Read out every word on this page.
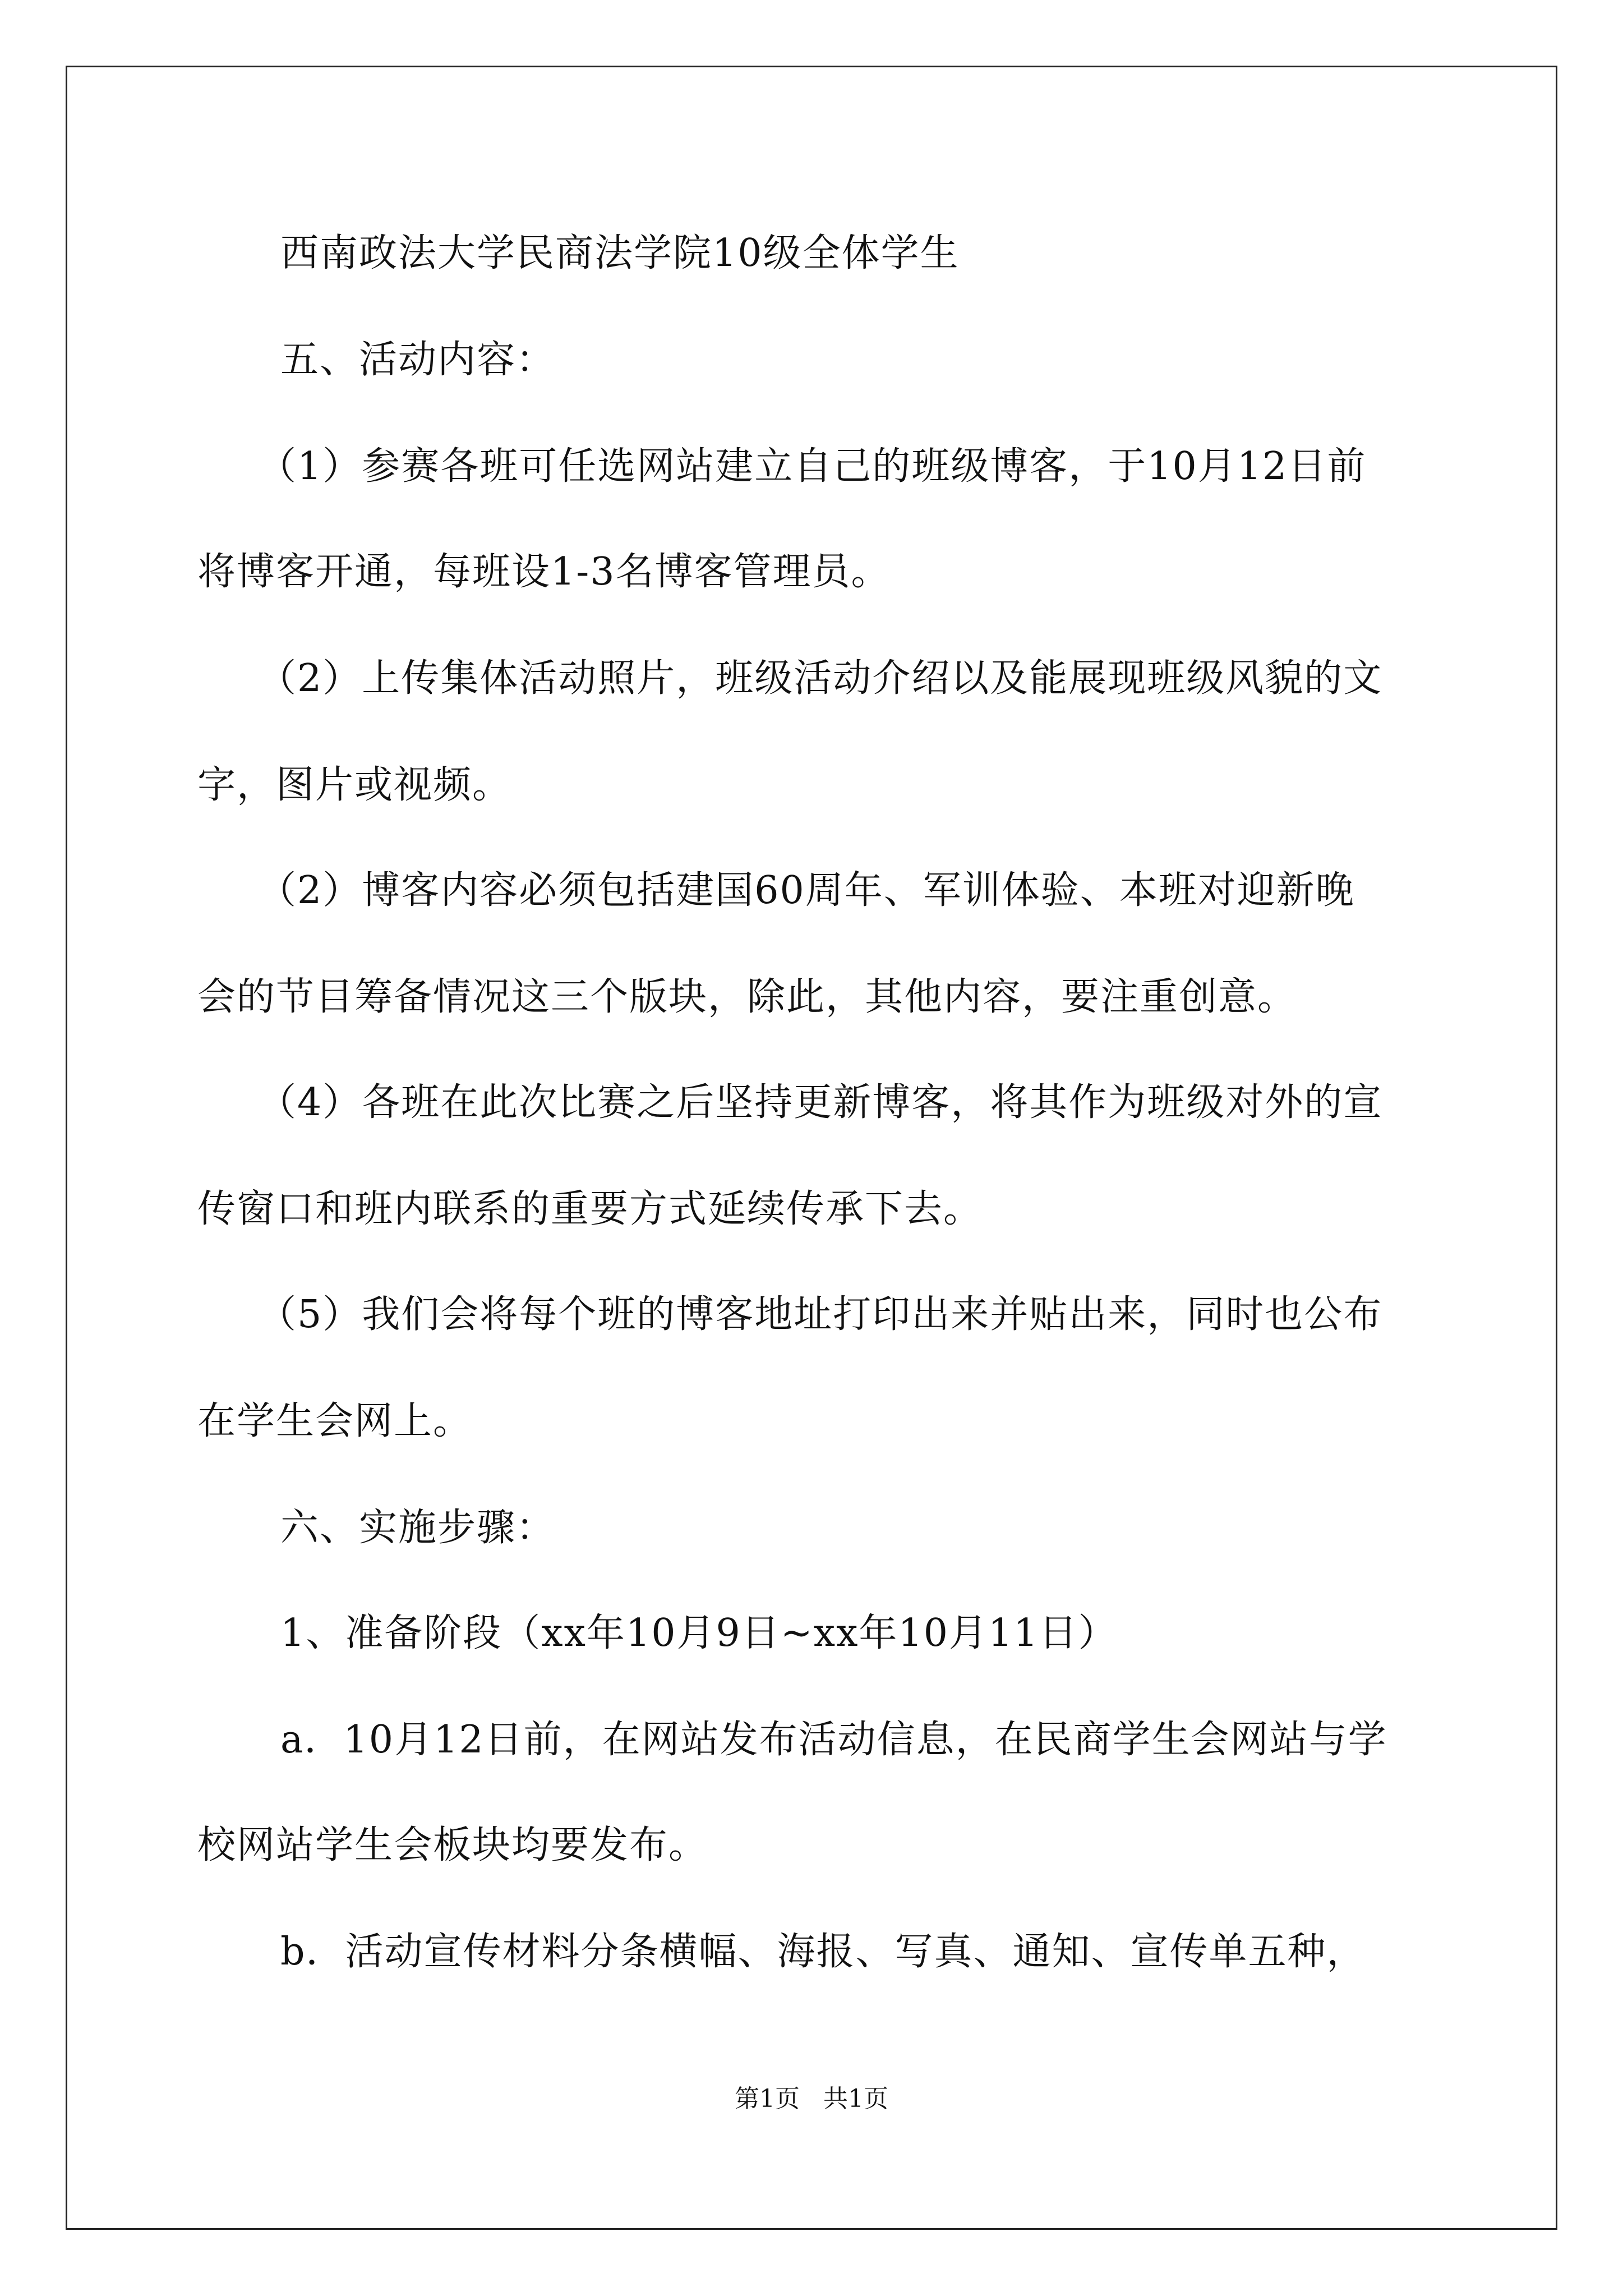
西南政法大学民商法学院10级全体学生
五、活动内容：
（1）参赛各班可任选网站建立自己的班级博客，于10月12日前
将博客开通，每班设1-3名博客管理员。
（2）上传集体活动照片，班级活动介绍以及能展现班级风貌的文
字，图片或视频。
（2）博客内容必须包括建国60周年、军训体验、本班对迎新晚
会的节目筹备情况这三个版块，除此，其他内容，要注重创意。
（4）各班在此次比赛之后坚持更新博客，将其作为班级对外的宣
传窗口和班内联系的重要方式延续传承下去。
（5）我们会将每个班的博客地址打印出来并贴出来，同时也公布
在学生会网上。
六、实施步骤：
1、准备阶段（xx年10月9日~xx年10月11日）
a．10月12日前，在网站发布活动信息，在民商学生会网站与学
校网站学生会板块均要发布。
b．活动宣传材料分条横幅、海报、写真、通知、宣传单五种，
第1页   共1页
